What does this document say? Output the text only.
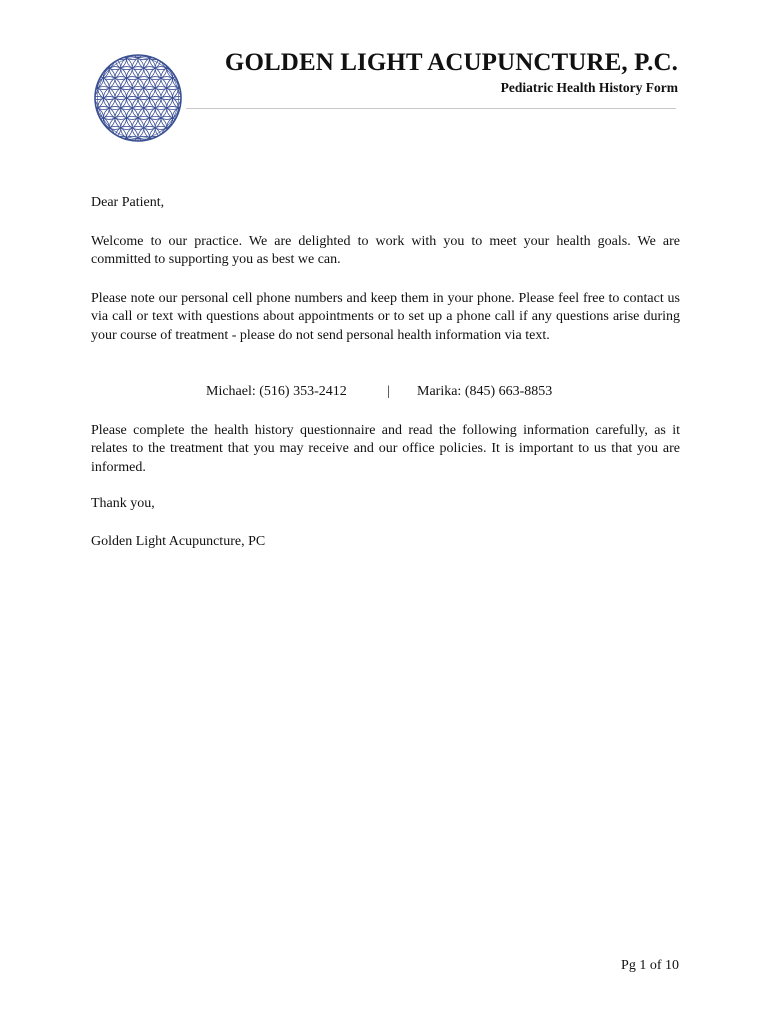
GOLDEN LIGHT ACUPUNCTURE, P.C.

Pediatric Health History Form

Dear Patient,

Welcome to our practice. We are delighted to work with you to meet your health goals. We are committed to supporting you as best we can.

Please note our personal cell phone numbers and keep them in your phone. Please feel free to contact us via call or text with questions about appointments or to set up a phone call if any questions arise during your course of treatment - please do not send personal health information via text.

Michael: (516) 353-2412	| Marika: (845) 663-8853

Please complete the health history questionnaire and read the following information carefully, as it relates to the treatment that you may receive and our office policies. It is important to us that you are informed.

Thank you,

Golden Light Acupuncture, PC

Pg 1 of 10
